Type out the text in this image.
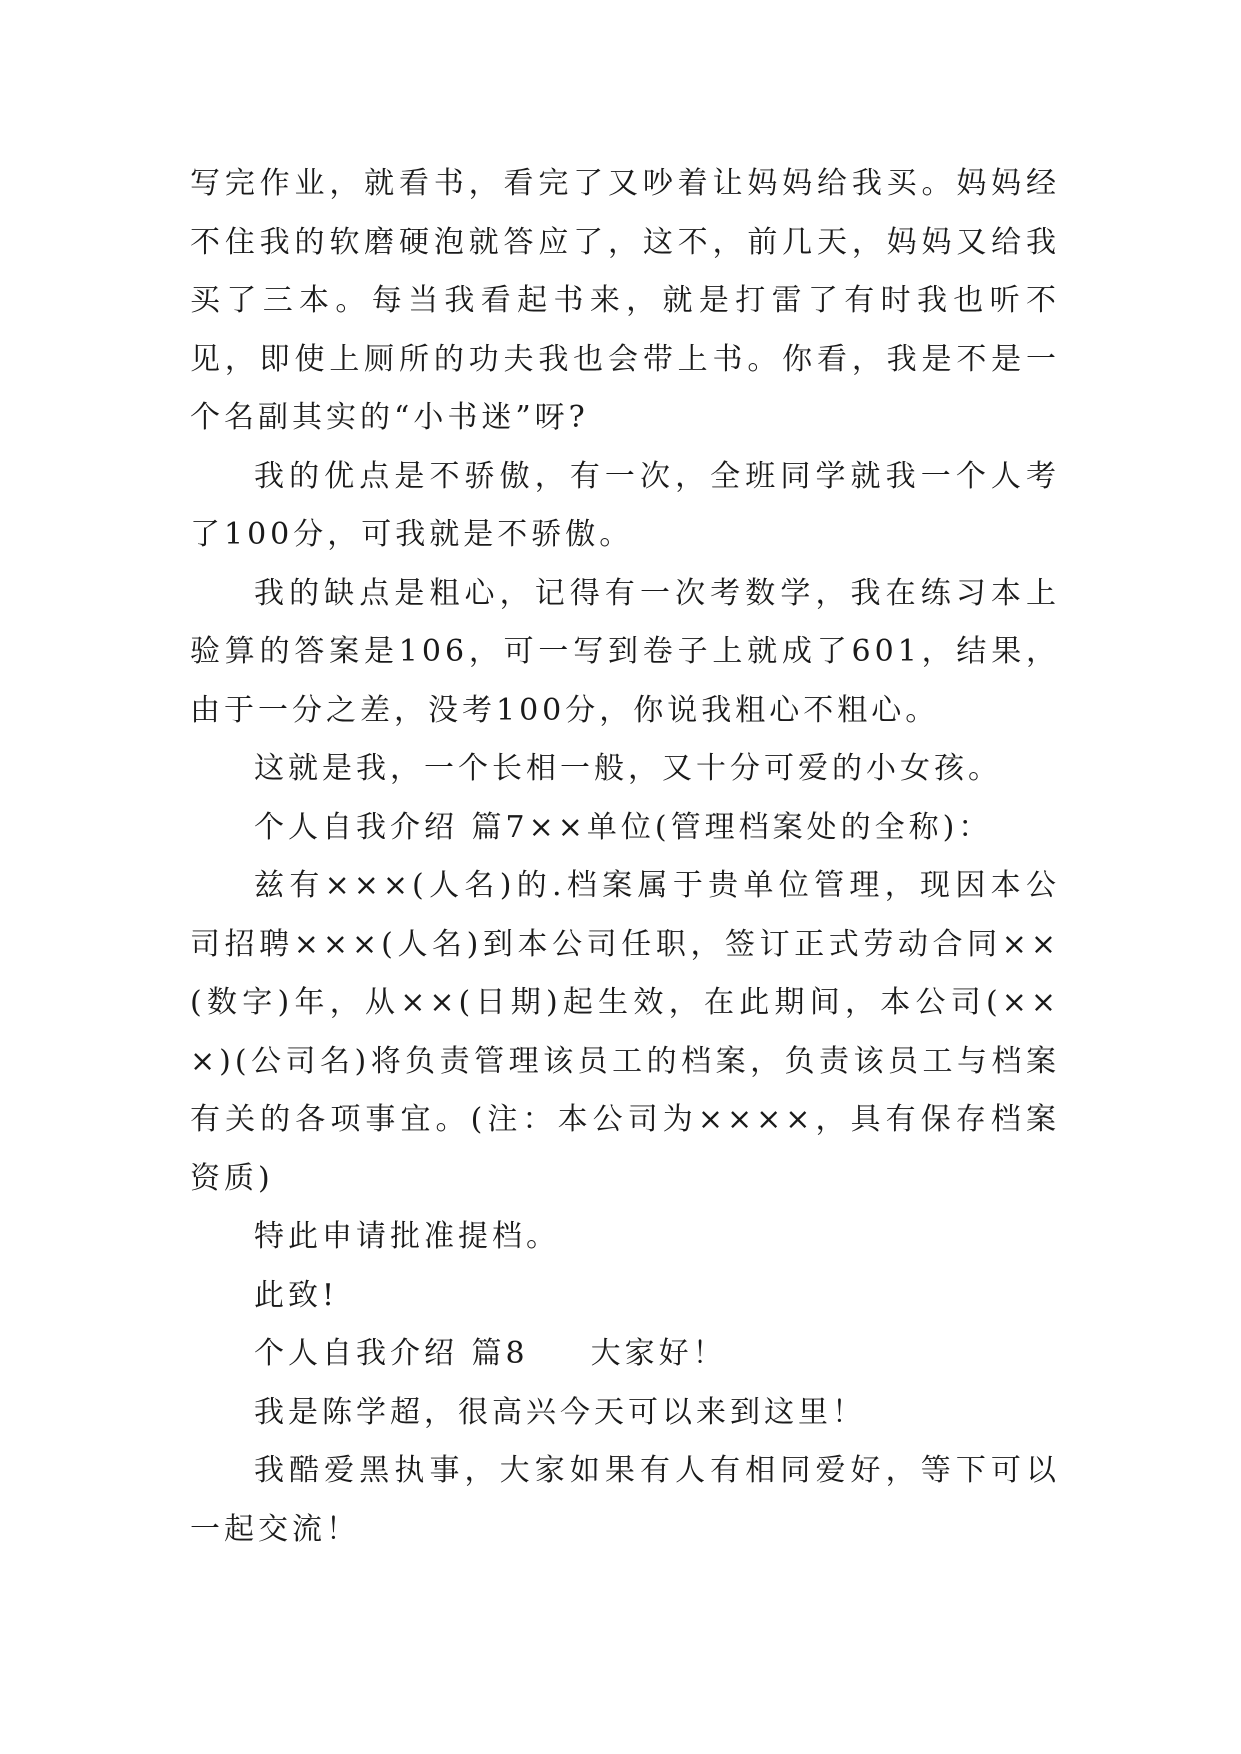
写完作业，就看书，看完了又吵着让妈妈给我买。妈妈经不住我的软磨硬泡就答应了，这不，前几天，妈妈又给我买了三本。每当我看起书来，就是打雷了有时我也听不见，即使上厕所的功夫我也会带上书。你看，我是不是一个名副其实的“小书迷”呀?

我的优点是不骄傲，有一次，全班同学就我一个人考了100分，可我就是不骄傲。

我的缺点是粗心，记得有一次考数学，我在练习本上验算的答案是106，可一写到卷子上就成了601，结果，由于一分之差，没考100分，你说我粗心不粗心。

这就是我，一个长相一般，又十分可爱的小女孩。

个人自我介绍 篇7××单位(管理档案处的全称)：

兹有×××(人名)的.档案属于贵单位管理，现因本公司招聘×××(人名)到本公司任职，签订正式劳动合同××(数字)年，从××(日期)起生效，在此期间，本公司(×××)(公司名)将负责管理该员工的档案，负责该员工与档案有关的各项事宜。(注：本公司为××××，具有保存档案资质)

特此申请批准提档。

此致!

个人自我介绍 篇8 大家好！

我是陈学超，很高兴今天可以来到这里！

我酷爱黑执事，大家如果有人有相同爱好，等下可以一起交流！
